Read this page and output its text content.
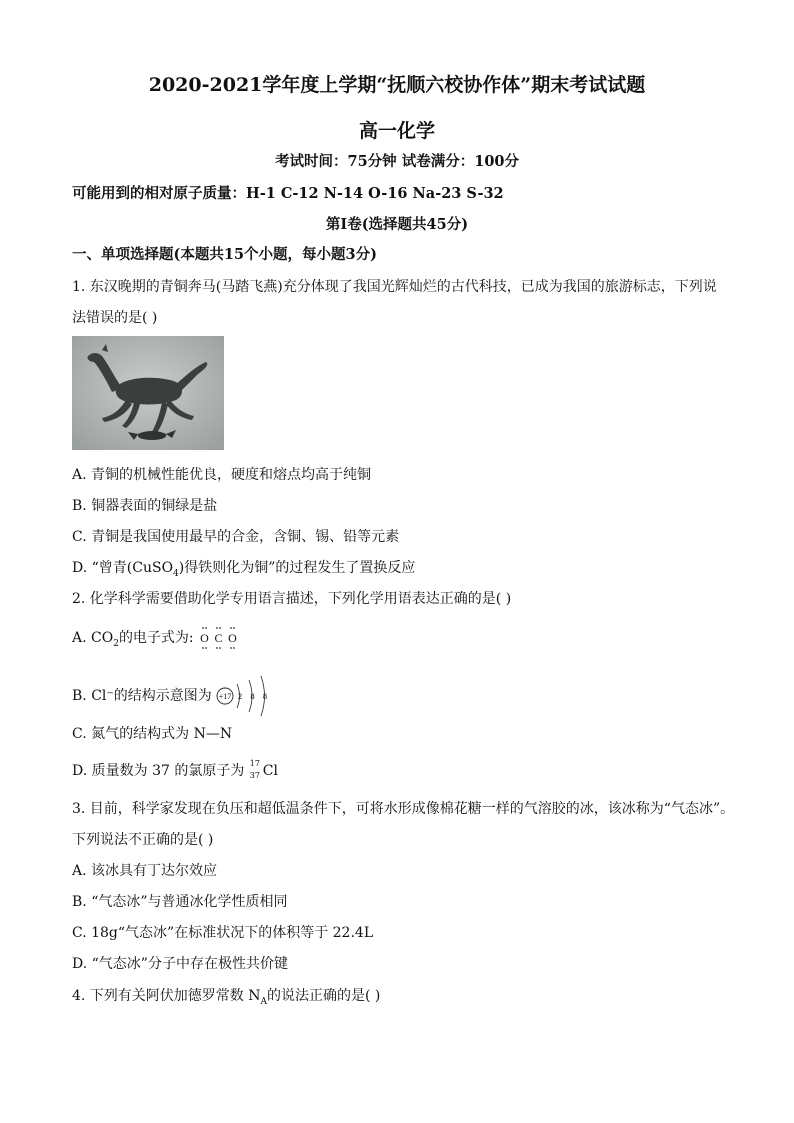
2020-2021学年度上学期“抚顺六校协作体”期末考试试题
高一化学
考试时间：75分钟 试卷满分：100分
可能用到的相对原子质量：H-1 C-12 N-14 O-16 Na-23 S-32
第I卷(选择题共45分)
一、单项选择题(本题共15个小题，每小题3分)
1. 东汉晚期的青铜奔马(马踏飞燕)充分体现了我国光辉灿烂的古代科技，已成为我国的旅游标志，下列说
法错误的是( )
A. 青铜的机械性能优良，硬度和熔点均高于纯铜
B. 铜器表面的铜绿是盐
C. 青铜是我国使用最早的合金，含铜、锡、铅等元素
D. “曾青(CuSO$_4$)得铁则化为铜”的过程发生了置换反应
2. 化学科学需要借助化学专用语言描述，下列化学用语表达正确的是( )
A. $CO_2$的电子式为: O C O
B. Cl⁻的结构示意图为 +17 2 8 8
C. 氮气的结构式为 N—N
D. 质量数为 37 的氯原子为 17
37 Cl
3. 目前，科学家发现在负压和超低温条件下，可将水形成像棉花糖一样的气溶胶的冰，该冰称为“气态冰”。
下列说法不正确的是( )
A. 该冰具有丁达尔效应
B. “气态冰”与普通冰化学性质相同
C. 18g“气态冰”在标准状况下的体积等于 22.4L
D. “气态冰”分子中存在极性共价键
4. 下列有关阿伏加德罗常数 $N_A$的说法正确的是( )
